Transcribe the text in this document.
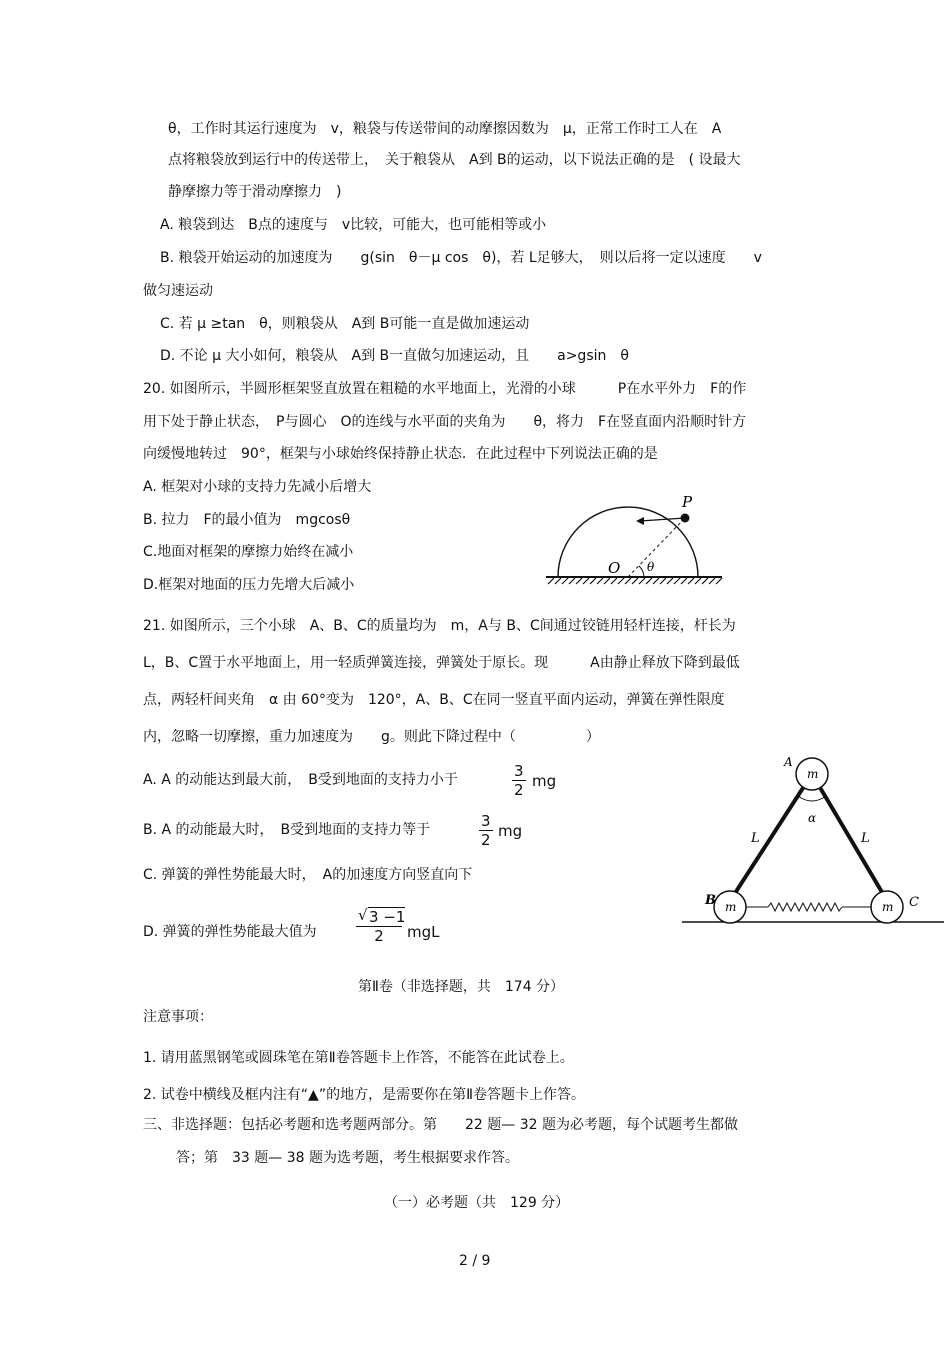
θ，工作时其运行速度为　v，粮袋与传送带间的动摩擦因数为　μ，正常工作时工人在　A
点将粮袋放到运行中的传送带上，　关于粮袋从　A到 B的运动，以下说法正确的是　( 设最大
静摩擦力等于滑动摩擦力　)
A. 粮袋到达　B点的速度与　v比较，可能大，也可能相等或小
B. 粮袋开始运动的加速度为　　g(sin　θ－μ cos　θ)，若 L足够大，　则以后将一定以速度　　v
做匀速运动
C. 若 μ ≥tan　θ，则粮袋从　A到 B可能一直是做加速运动
D. 不论 μ 大小如何，粮袋从　A到 B一直做匀加速运动，且　　a>gsin　θ
20. 如图所示，半圆形框架竖直放置在粗糙的水平地面上，光滑的小球　　　P在水平外力　F的作
用下处于静止状态，　P与圆心　O的连线与水平面的夹角为　　θ，将力　F在竖直面内沿顺时针方
向缓慢地转过　90°，框架与小球始终保持静止状态．在此过程中下列说法正确的是
A. 框架对小球的支持力先减小后增大
B. 拉力　F的最小值为　mgcosθ
C.地面对框架的摩擦力始终在减小
D.框架对地面的压力先增大后减小
P
O θ
21. 如图所示，三个小球　A、B、C的质量均为　m，A与 B、C间通过铰链用轻杆连接，杆长为
L，B、C置于水平地面上，用一轻质弹簧连接，弹簧处于原长。现　　　A由静止释放下降到最低
点，两轻杆间夹角　α 由 60°变为　120°，A、B、C在同一竖直平面内运动，弹簧在弹性限度
内，忽略一切摩擦，重力加速度为　　g。则此下降过程中（　　　　　）
A. A 的动能达到最大前，　B受到地面的支持力小于	3
2 mg
B. A 的动能最大时，　B受到地面的支持力等于	3
2 mg
C. 弹簧的弹性势能最大时，　A的加速度方向竖直向下
D. 弹簧的弹性势能最大值为
√ 3 −1
2	mgL
m
m	m
A
B	C
L	L
α
第Ⅱ卷（非选择题，共　174 分）
注意事项：
1. 请用蓝黑钢笔或圆珠笔在第Ⅱ卷答题卡上作答，不能答在此试卷上。
2. 试卷中横线及框内注有“▲”的地方，是需要你在第Ⅱ卷答题卡上作答。
三、非选择题：包括必考题和选考题两部分。第　　22 题— 32 题为必考题，每个试题考生都做
答；第　33 题— 38 题为选考题，考生根据要求作答。
（一）必考题（共　129 分）
2 / 9
